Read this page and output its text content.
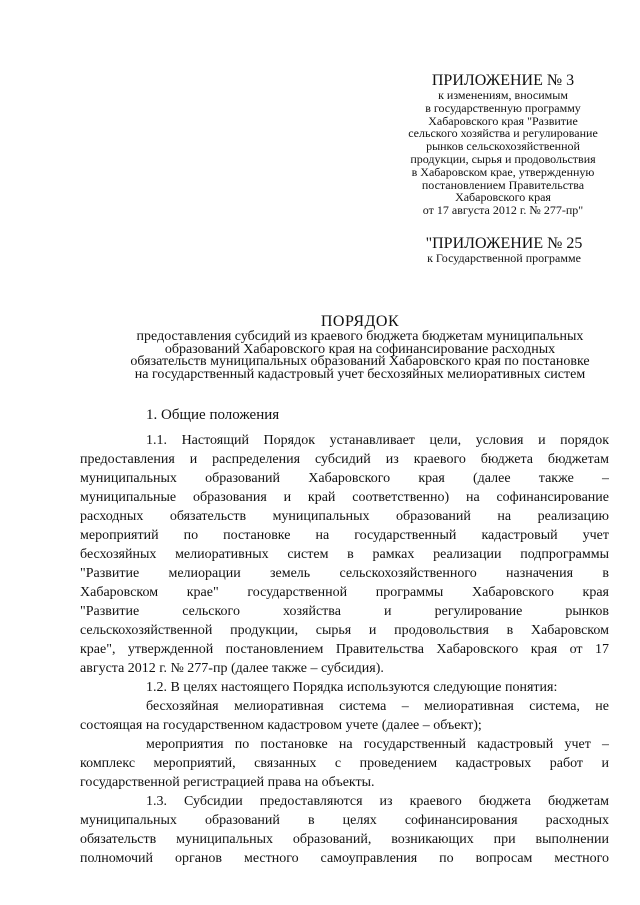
ПРИЛОЖЕНИЕ № 3
к изменениям, вносимым
в государственную программу
Хабаровского края "Развитие
сельского хозяйства и регулирование
рынков сельскохозяйственной
продукции, сырья и продовольствия
в Хабаровском крае, утвержденную
постановлением Правительства
Хабаровского края
от 17 августа 2012 г. № 277-пр"
"ПРИЛОЖЕНИЕ № 25
к Государственной программе
ПОРЯДОК
предоставления субсидий из краевого бюджета бюджетам муниципальных
образований Хабаровского края на софинансирование расходных
обязательств муниципальных образований Хабаровского края по постановке
на государственный кадастровый учет бесхозяйных мелиоративных систем
1. Общие положения
1.1. Настоящий Порядок устанавливает цели, условия и порядок
предоставления и распределения субсидий из краевого бюджета бюджетам
муниципальных образований Хабаровского края (далее также –
муниципальные образования и край соответственно) на софинансирование
расходных обязательств муниципальных образований на реализацию
мероприятий по постановке на государственный кадастровый учет
бесхозяйных мелиоративных систем в рамках реализации подпрограммы
"Развитие мелиорации земель сельскохозяйственного назначения в
Хабаровском крае" государственной программы Хабаровского края
"Развитие сельского хозяйства и регулирование рынков
сельскохозяйственной продукции, сырья и продовольствия в Хабаровском
крае", утвержденной постановлением Правительства Хабаровского края от 17
августа 2012 г. № 277-пр (далее также – субсидия).
1.2. В целях настоящего Порядка используются следующие понятия:
бесхозяйная мелиоративная система – мелиоративная система, не
состоящая на государственном кадастровом учете (далее – объект);
мероприятия по постановке на государственный кадастровый учет –
комплекс мероприятий, связанных с проведением кадастровых работ и
государственной регистрацией права на объекты.
1.3. Субсидии предоставляются из краевого бюджета бюджетам
муниципальных образований в целях софинансирования расходных
обязательств муниципальных образований, возникающих при выполнении
полномочий органов местного самоуправления по вопросам местного
